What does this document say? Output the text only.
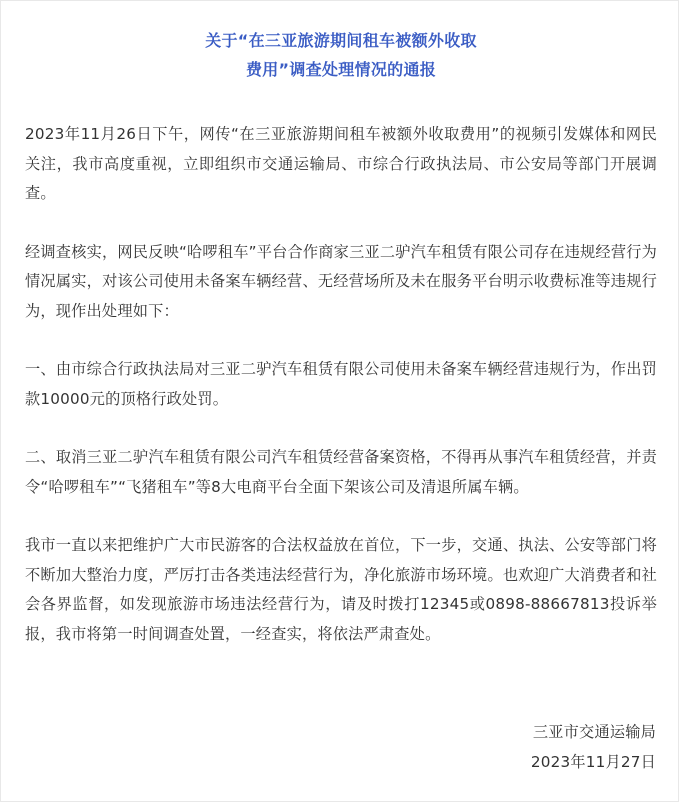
关于“在三亚旅游期间租车被额外收取
费用”调查处理情况的通报

2023年11月26日下午，网传“在三亚旅游期间租车被额外收取费用”的视频引发媒体和网民关注，我市高度重视，立即组织市交通运输局、市综合行政执法局、市公安局等部门开展调查。

经调查核实，网民反映“哈啰租车”平台合作商家三亚二驴汽车租赁有限公司存在违规经营行为情况属实，对该公司使用未备案车辆经营、无经营场所及未在服务平台明示收费标准等违规行为，现作出处理如下：

一、由市综合行政执法局对三亚二驴汽车租赁有限公司使用未备案车辆经营违规行为，作出罚款10000元的顶格行政处罚。

二、取消三亚二驴汽车租赁有限公司汽车租赁经营备案资格，不得再从事汽车租赁经营，并责令“哈啰租车”“飞猪租车”等8大电商平台全面下架该公司及清退所属车辆。

我市一直以来把维护广大市民游客的合法权益放在首位，下一步，交通、执法、公安等部门将不断加大整治力度，严厉打击各类违法经营行为，净化旅游市场环境。也欢迎广大消费者和社会各界监督，如发现旅游市场违法经营行为，请及时拨打12345或0898-88667813投诉举报，我市将第一时间调查处置，一经查实，将依法严肃查处。

三亚市交通运输局
2023年11月27日
